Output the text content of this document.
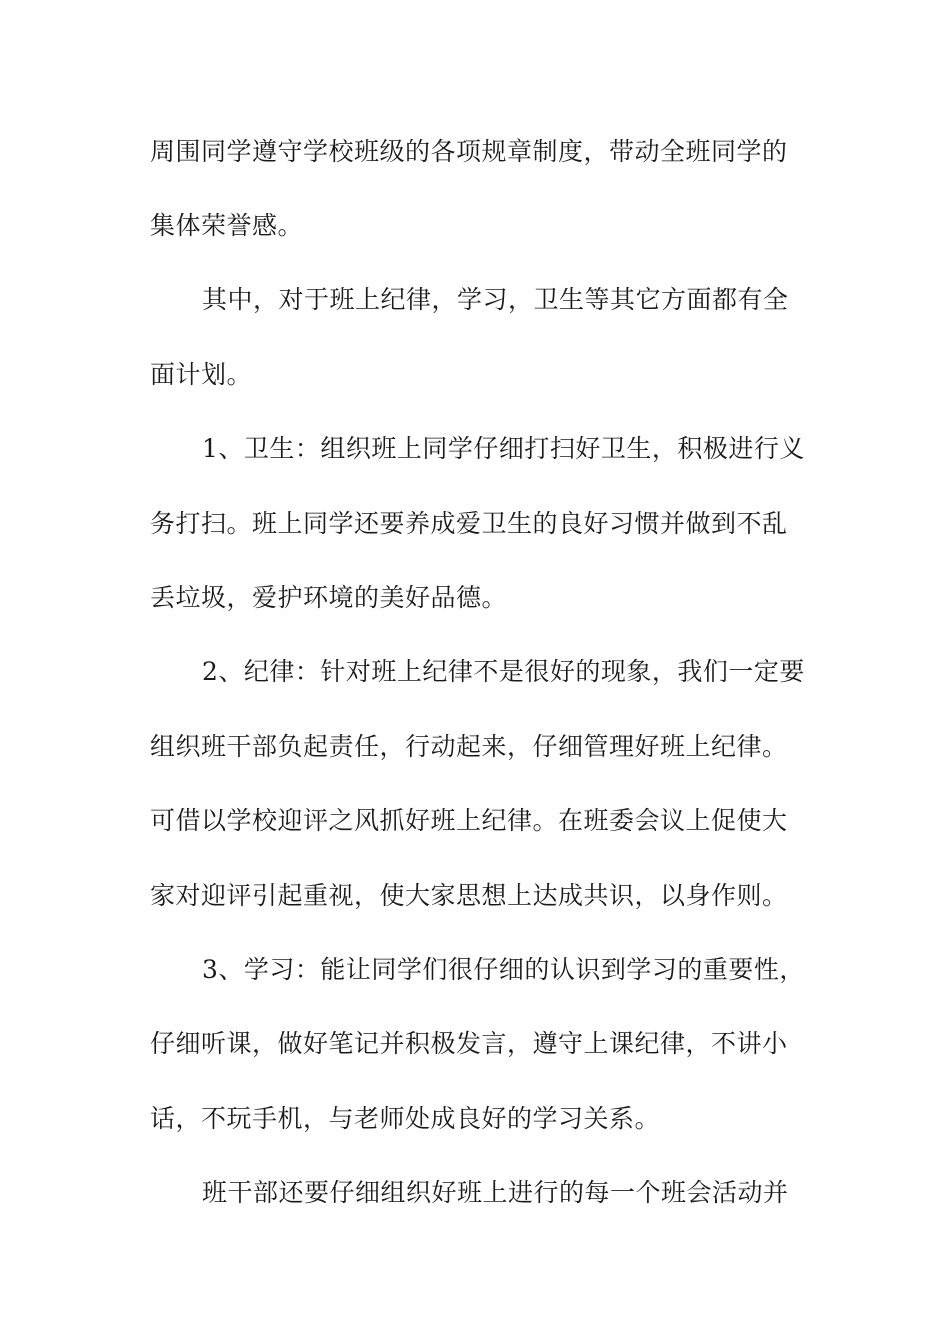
周围同学遵守学校班级的各项规章制度，带动全班同学的
集体荣誉感。
其中，对于班上纪律，学习，卫生等其它方面都有全
面计划。
1、卫生：组织班上同学仔细打扫好卫生，积极进行义
务打扫。班上同学还要养成爱卫生的良好习惯并做到不乱
丢垃圾，爱护环境的美好品德。
2、纪律：针对班上纪律不是很好的现象，我们一定要
组织班干部负起责任，行动起来，仔细管理好班上纪律。
可借以学校迎评之风抓好班上纪律。在班委会议上促使大
家对迎评引起重视，使大家思想上达成共识，以身作则。
3、学习：能让同学们很仔细的认识到学习的重要性，
仔细听课，做好笔记并积极发言，遵守上课纪律，不讲小
话，不玩手机，与老师处成良好的学习关系。
班干部还要仔细组织好班上进行的每一个班会活动并
